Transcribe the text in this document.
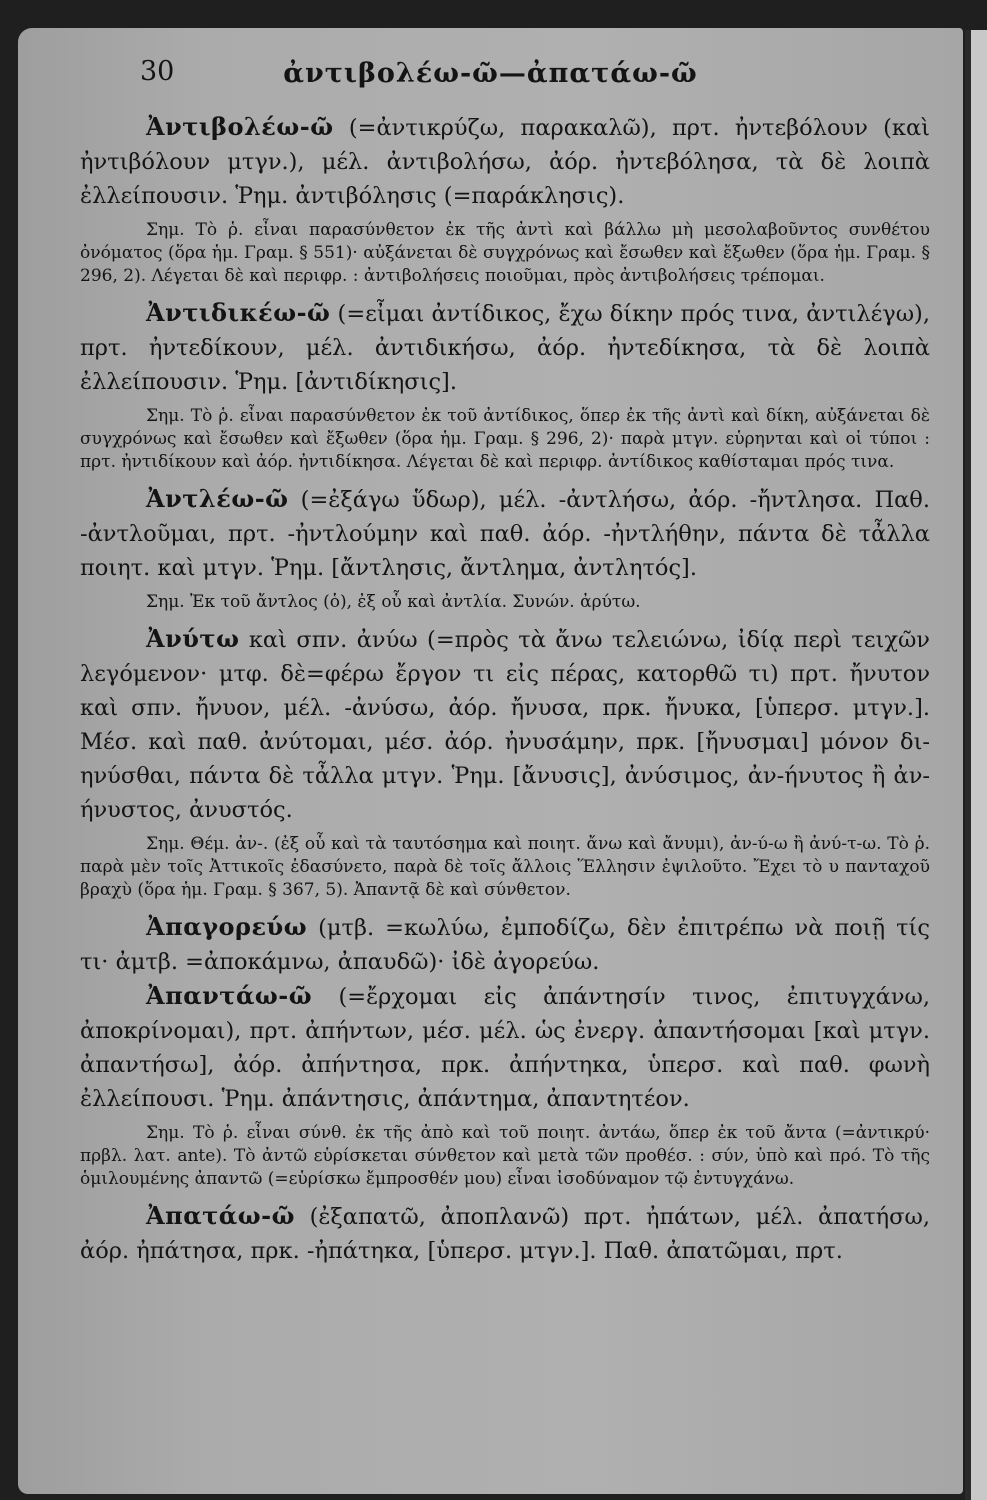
30	ἀντιβολέω-ῶ—ἀπατάω-ῶ

Ἀντιβολέω-ῶ (=ἀντικρύζω, παρακαλῶ), πρτ. ἠντεβόλουν (καὶ ἠντιβόλουν μτγν.), μέλ. ἀντιβολήσω, ἀόρ. ἠντεβόλησα, τὰ δὲ λοιπὰ ἐλλείπουσιν. Ῥημ. ἀντιβόλησις (=παράκλησις).

Σημ. Τὸ ῥ. εἶναι παρασύνθετον ἐκ τῆς ἀντὶ καὶ βάλλω μὴ μεσολαβοῦντος συνθέτου ὀνόματος (ὅρα ἡμ. Γραμ. § 551)· αὐξάνεται δὲ συγχρόνως καὶ ἔσωθεν καὶ ἔξωθεν (ὅρα ἡμ. Γραμ. § 296, 2). Λέγεται δὲ καὶ περιφρ. : ἀντιβολήσεις ποιοῦμαι, πρὸς ἀντιβολήσεις τρέπομαι.

Ἀντιδικέω-ῶ (=εἶμαι ἀντίδικος, ἔχω δίκην πρός τινα, ἀντιλέγω), πρτ. ἠντεδίκουν, μέλ. ἀντιδικήσω, ἀόρ. ἠντεδίκησα, τὰ δὲ λοιπὰ ἐλλείπουσιν. Ῥημ. [ἀντιδίκησις].

Σημ. Τὸ ῥ. εἶναι παρασύνθετον ἐκ τοῦ ἀντίδικος, ὅπερ ἐκ τῆς ἀντὶ καὶ δίκη, αὐξάνεται δὲ συγχρόνως καὶ ἔσωθεν καὶ ἔξωθεν (ὅρα ἡμ. Γραμ. § 296, 2)· παρὰ μτγν. εὑρηνται καὶ οἱ τύποι : πρτ. ἠντιδίκουν καὶ ἀόρ. ἠντιδίκησα. Λέγεται δὲ καὶ περιφρ. ἀντίδικος καθίσταμαι πρός τινα.

Ἀντλέω-ῶ (=ἐξάγω ὕδωρ), μέλ. -ἀντλήσω, ἀόρ. -ἤντλησα. Παθ. -ἀντλοῦμαι, πρτ. -ἠντλούμην καὶ παθ. ἀόρ. -ἠντλήθην, πάντα δὲ τἆλλα ποιητ. καὶ μτγν. Ῥημ. [ἄντλησις, ἄντλημα, ἀντλητός].

Σημ. Ἐκ τοῦ ἄντλος (ὁ), ἐξ οὗ καὶ ἀντλία. Συνών. ἀρύτω.

Ἀνύτω καὶ σπν. ἀνύω (=πρὸς τὰ ἄνω τελειώνω, ἰδίᾳ περὶ τειχῶν λεγόμενον· μτφ. δὲ=φέρω ἔργον τι εἰς πέρας, κατορθῶ τι) πρτ. ἤνυτον καὶ σπν. ἤνυον, μέλ. -ἀνύσω, ἀόρ. ἤνυσα, πρκ. ἤνυκα, [ὑπερσ. μτγν.]. Μέσ. καὶ παθ. ἀνύτομαι, μέσ. ἀόρ. ἠνυσάμην, πρκ. [ἤνυσμαι] μόνον δι-ηνύσθαι, πάντα δὲ τἆλλα μτγν. Ῥημ. [ἄνυσις], ἀνύσιμος, ἀν-ήνυτος ἢ ἀν-ήνυστος, ἀνυστός.

Σημ. Θέμ. ἀν-. (ἐξ οὗ καὶ τὰ ταυτόσημα καὶ ποιητ. ἄνω καὶ ἄνυμι), ἀν-ύ-ω ἢ ἀνύ-τ-ω. Τὸ ῥ. παρὰ μὲν τοῖς Ἀττικοῖς ἐδασύνετο, παρὰ δὲ τοῖς ἄλλοις Ἕλλησιν ἐψιλοῦτο. Ἔχει τὸ υ πανταχοῦ βραχὺ (ὅρα ἡμ. Γραμ. § 367, 5). Ἀπαντᾷ δὲ καὶ σύνθετον.

Ἀπαγορεύω (μτβ. =κωλύω, ἐμποδίζω, δὲν ἐπιτρέπω νὰ ποιῇ τίς τι· ἀμτβ. =ἀποκάμνω, ἀπαυδῶ)· ἰδὲ ἀγορεύω.

Ἀπαντάω-ῶ (=ἔρχομαι εἰς ἀπάντησίν τινος, ἐπιτυγχάνω, ἀποκρίνομαι), πρτ. ἀπήντων, μέσ. μέλ. ὡς ἐνεργ. ἀπαντήσομαι [καὶ μτγν. ἀπαντήσω], ἀόρ. ἀπήντησα, πρκ. ἀπήντηκα, ὑπερσ. καὶ παθ. φωνὴ ἐλλείπουσι. Ῥημ. ἀπάντησις, ἀπάντημα, ἀπαντητέον.

Σημ. Τὸ ῥ. εἶναι σύνθ. ἐκ τῆς ἀπὸ καὶ τοῦ ποιητ. ἀντάω, ὅπερ ἐκ τοῦ ἄντα (=ἀντικρύ· πρβλ. λατ. ante). Τὸ ἀντῶ εὑρίσκεται σύνθετον καὶ μετὰ τῶν προθέσ. : σύν, ὑπὸ καὶ πρό. Τὸ τῆς ὁμιλουμένης ἀπαντῶ (=εὑρίσκω ἔμπροσθέν μου) εἶναι ἰσοδύναμον τῷ ἐντυγχάνω.

Ἀπατάω-ῶ (ἐξαπατῶ, ἀποπλανῶ) πρτ. ἠπάτων, μέλ. ἀπατήσω, ἀόρ. ἠπάτησα, πρκ. -ἠπάτηκα, [ὑπερσ. μτγν.]. Παθ. ἀπατῶμαι, πρτ.
